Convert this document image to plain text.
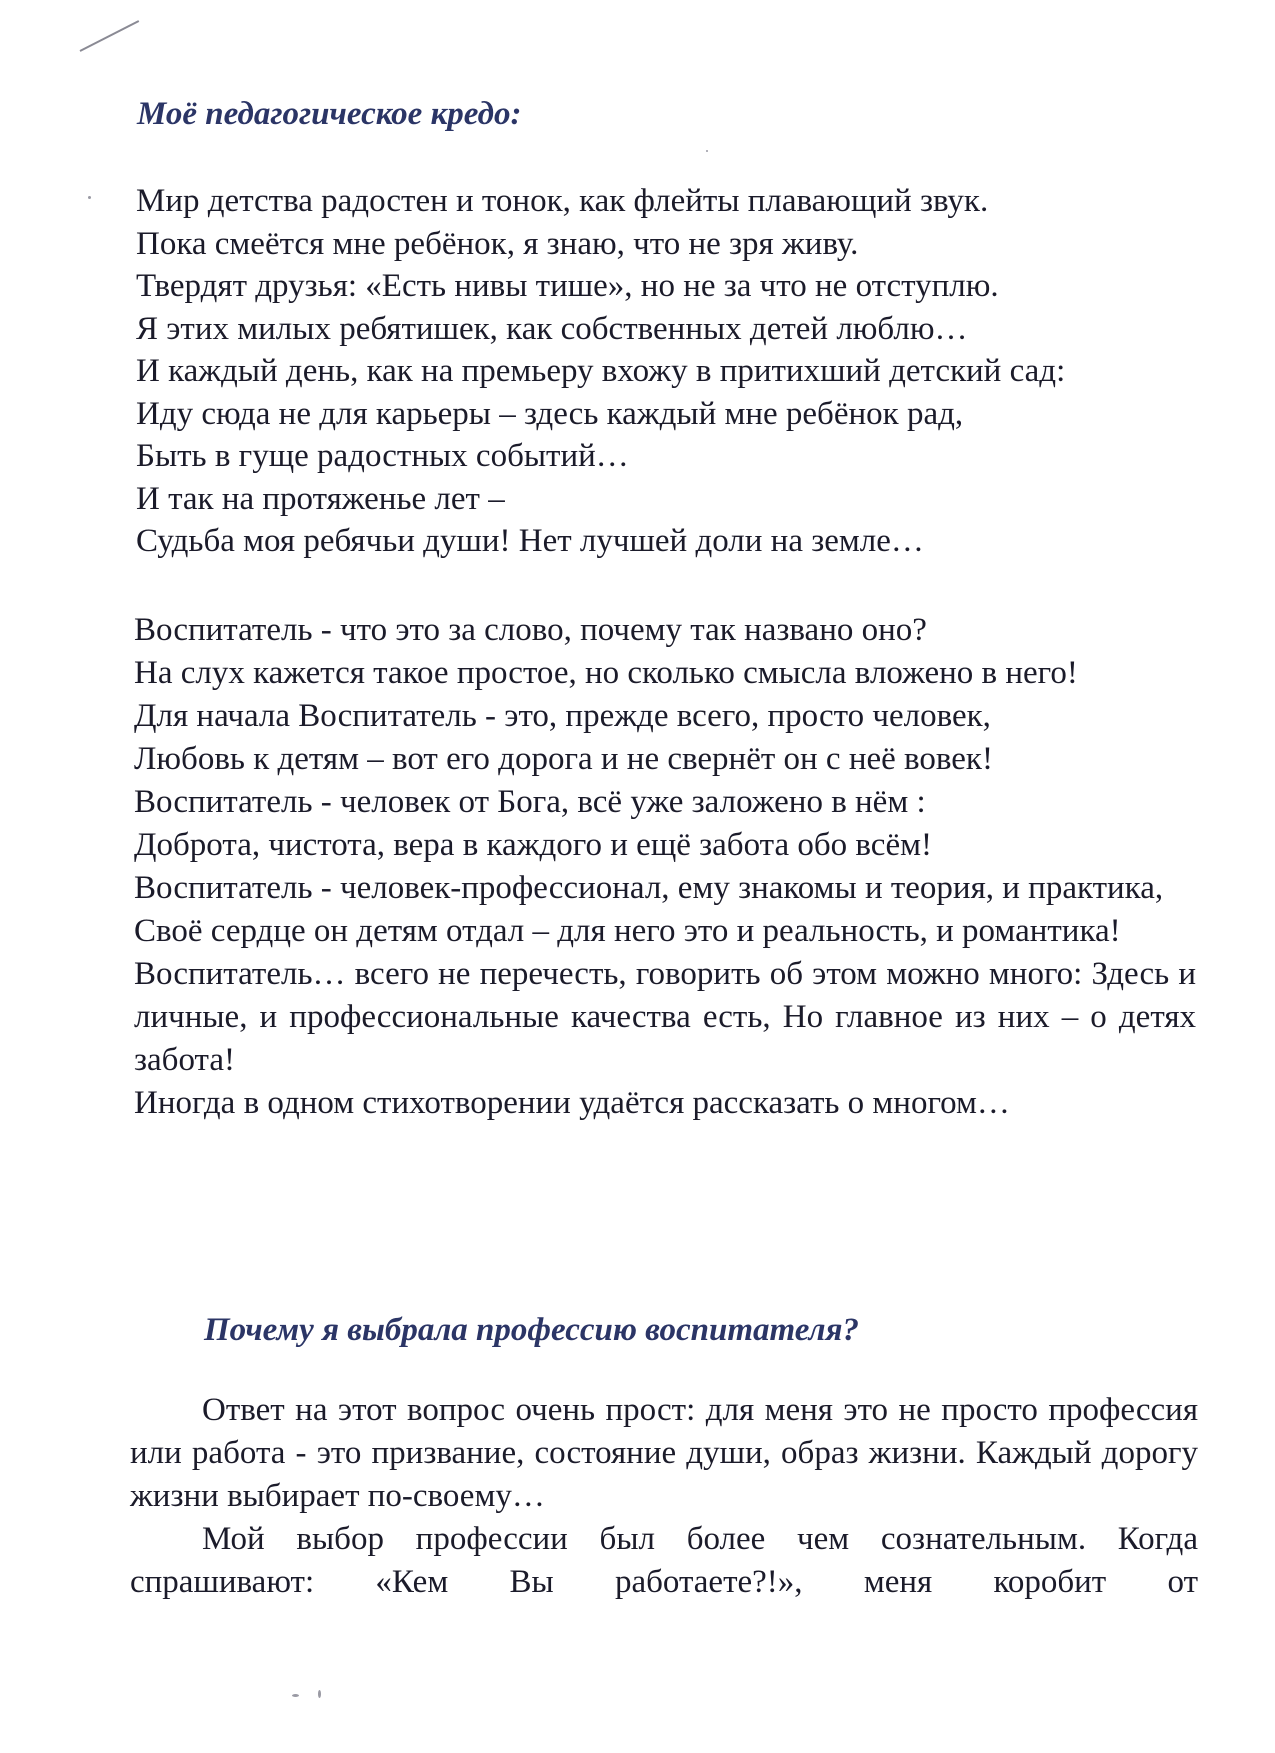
Моё педагогическое кредо:
Мир детства радостен и тонок, как флейты плавающий звук.
Пока смеётся мне ребёнок, я знаю, что не зря живу.
Твердят друзья: «Есть нивы тише», но не за что не отступлю.
Я этих милых ребятишек, как собственных детей люблю…
И каждый день, как на премьеру вхожу в притихший детский сад:
Иду сюда не для карьеры – здесь каждый мне ребёнок рад,
Быть в гуще радостных событий…
И так на протяженье лет –
Судьба моя ребячьи души! Нет лучшей доли на земле…

Воспитатель - что это за слово, почему так названо оно?

На слух кажется такое простое, но сколько смысла вложено в него!

Для начала Воспитатель - это, прежде всего, просто человек,

Любовь к детям – вот его дорога и не свернёт он с неё вовек!

Воспитатель - человек от Бога, всё уже заложено в нём :

Доброта, чистота, вера в каждого и ещё забота обо всём!

Воспитатель - человек-профессионал, ему знакомы и теория, и практика,

Своё сердце он детям отдал – для него это и реальность, и романтика!

Воспитатель… всего не перечесть, говорить об этом можно много: Здесь и личные, и профессиональные качества есть, Но главное из них – о детях забота!

Иногда в одном стихотворении удаётся рассказать о многом…

Почему я выбрала профессию воспитателя?

Ответ на этот вопрос очень прост: для меня это не просто профессия или работа - это призвание, состояние души, образ жизни. Каждый дорогу жизни выбирает по-своему…

Мой выбор профессии был более чем сознательным. Когда спрашивают: «Кем Вы работаете?!», меня коробит от
